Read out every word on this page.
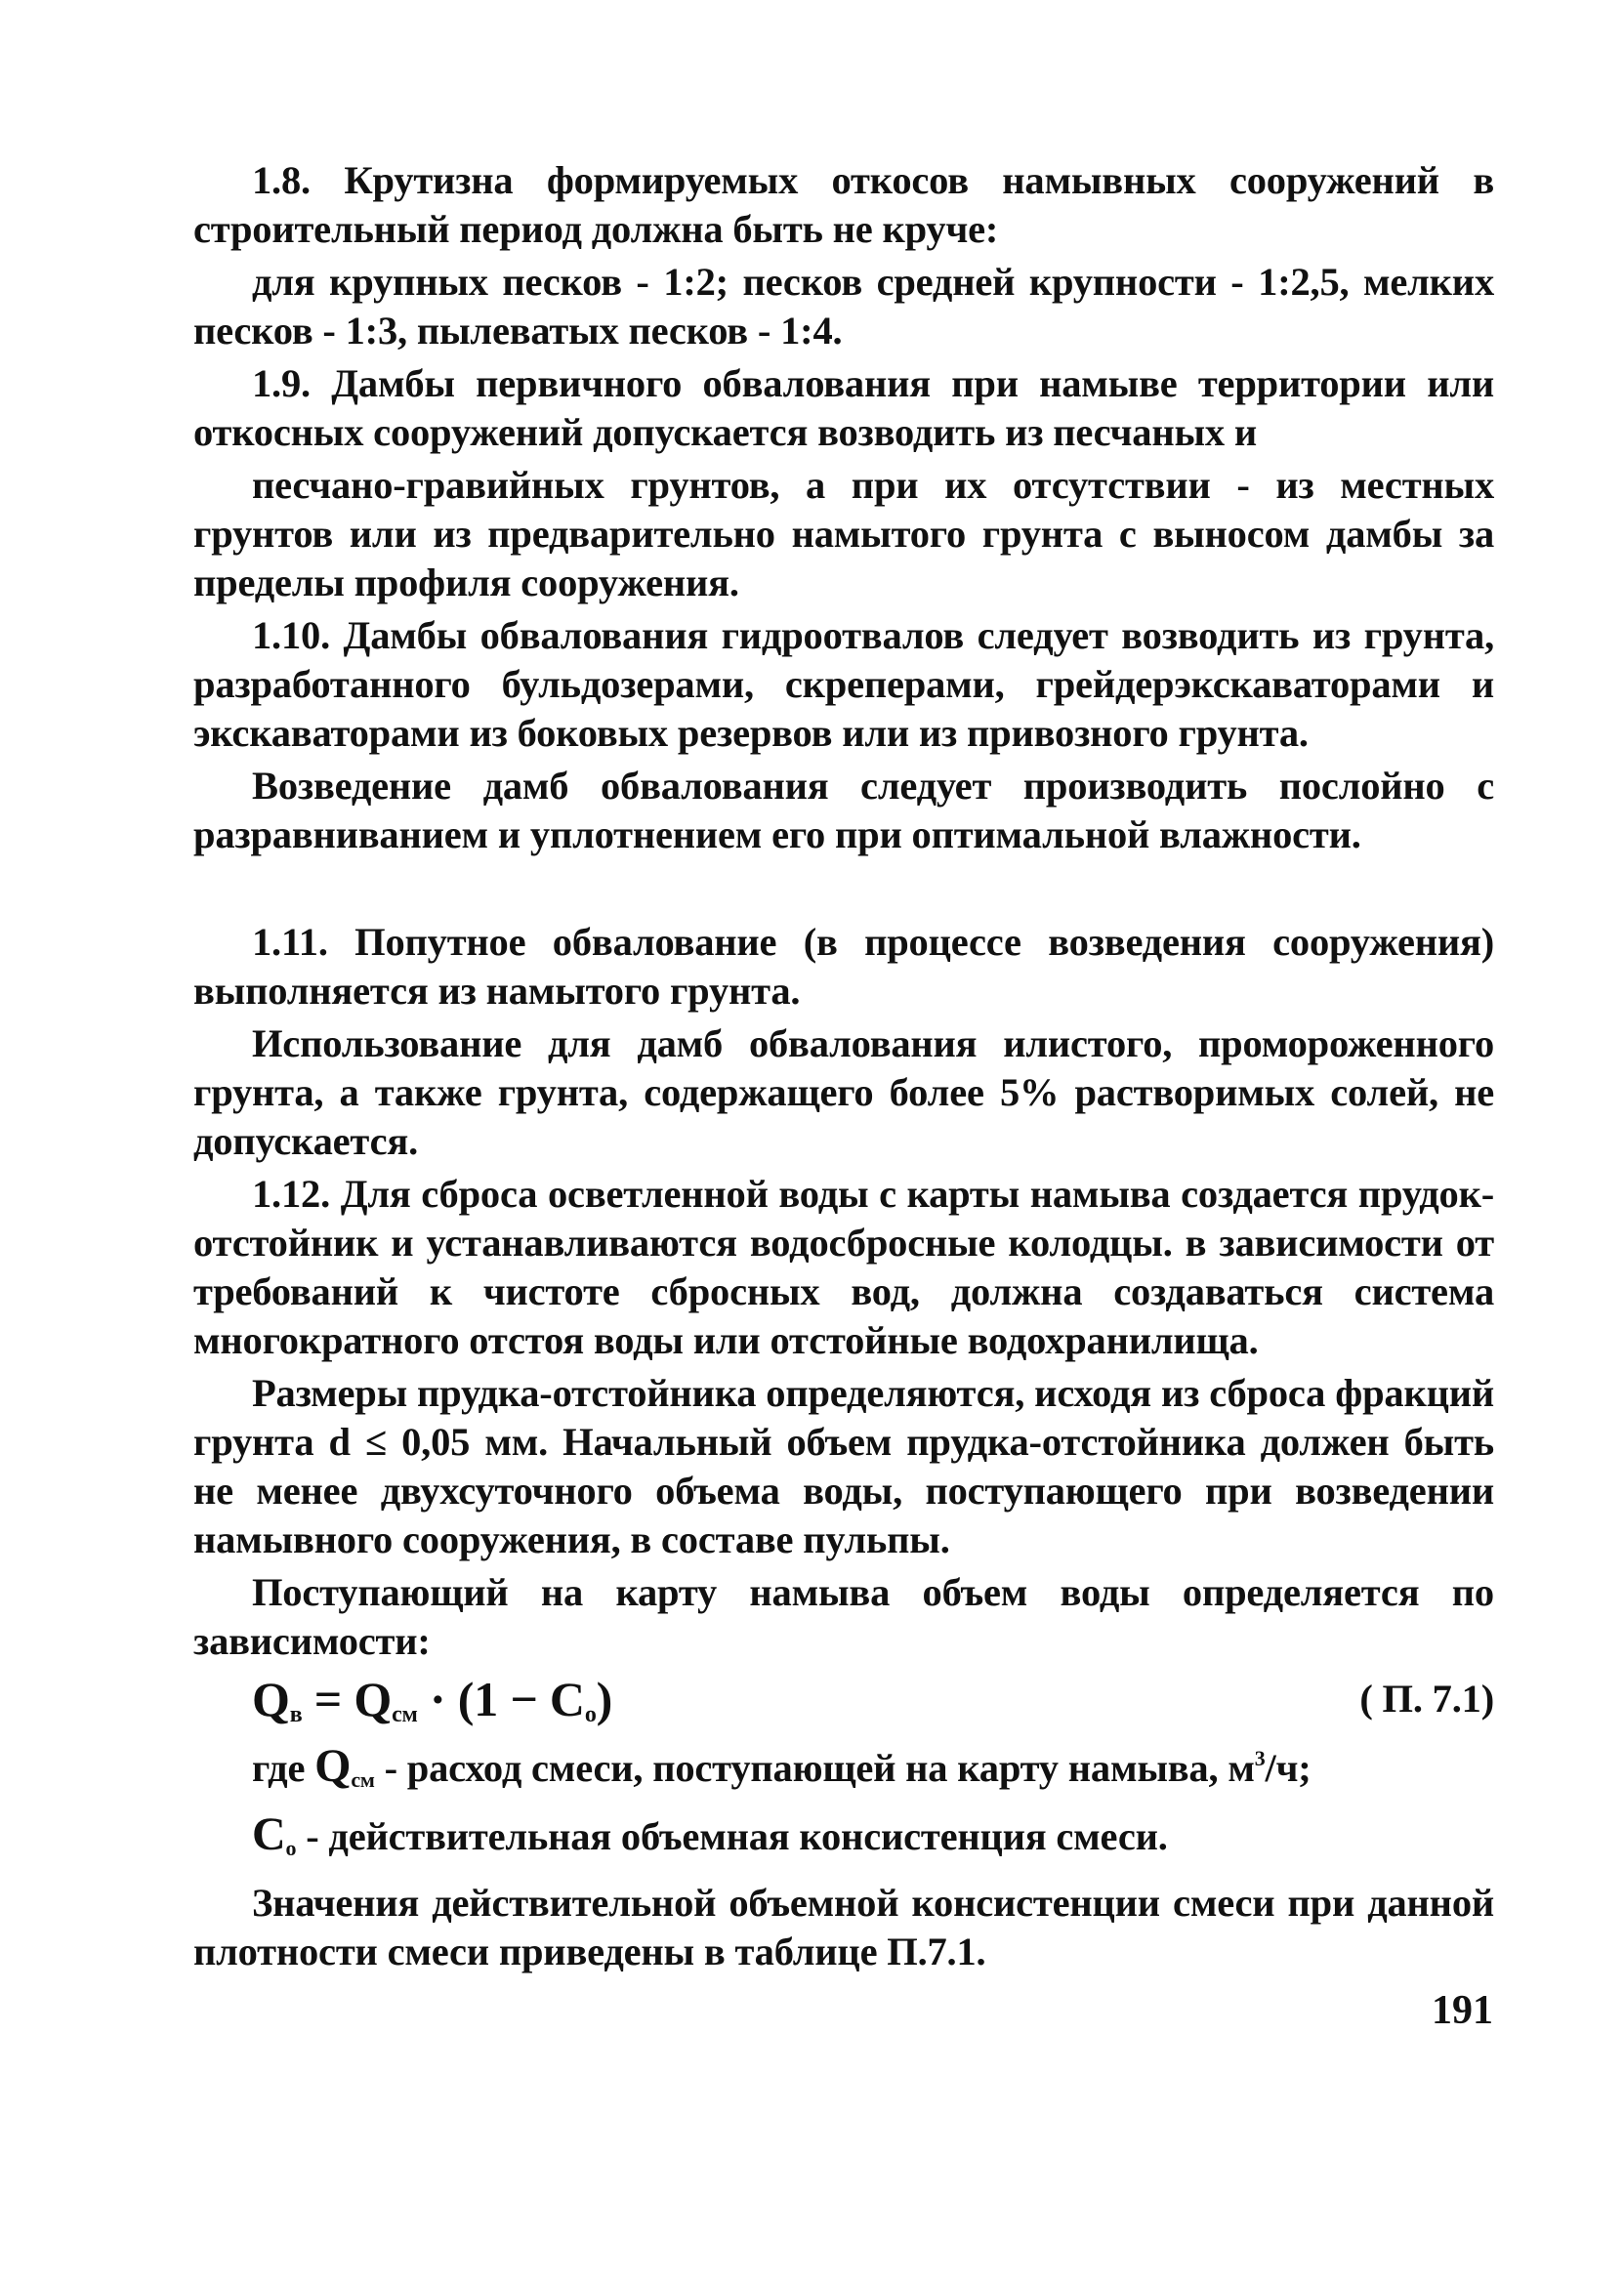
1.8. Крутизна формируемых откосов намывных сооружений в строительный период должна быть не круче:

для крупных песков - 1:2; песков средней крупности - 1:2,5, мелких песков - 1:3, пылеватых песков - 1:4.

1.9. Дамбы первичного обвалования при намыве территории или откосных сооружений допускается возводить из песчаных и

песчано-гравийных грунтов, а при их отсутствии - из местных грунтов или из предварительно намытого грунта с выносом дамбы за пределы профиля сооружения.

1.10. Дамбы обвалования гидроотвалов следует возводить из грунта, разработанного бульдозерами, скреперами, грейдерэкскаваторами и экскаваторами из боковых резервов или из привозного грунта.

Возведение дамб обвалования следует производить послойно с разравниванием и уплотнением его при оптимальной влажности.

1.11. Попутное обвалование (в процессе возведения сооружения) выполняется из намытого грунта.

Использование для дамб обвалования илистого, промороженного грунта, а также грунта, содержащего более 5% растворимых солей, не допускается.

1.12. Для сброса осветленной воды с карты намыва создается прудок-отстойник и устанавливаются водосбросные колодцы. в зависимости от требований к чистоте сбросных вод, должна создаваться система многократного отстоя воды или отстойные водохранилища.

Размеры прудка-отстойника определяются, исходя из сброса фракций грунта d ≤ 0,05 мм. Начальный объем прудка-отстойника должен быть не менее двухсуточного объема воды, поступающего при возведении намывного сооружения, в составе пульпы.

Поступающий на карту намыва объем воды определяется по зависимости:

$Q_в = Q_{см} \cdot (1 - C_о)$	( П. 7.1)
где $Q_{см}$ - расход смеси, поступающей на карту намыва, $м^3/ч$;
$C_о$ - действительная объемная консистенция смеси.

Значения действительной объемной консистенции смеси при данной плотности смеси приведены в таблице П.7.1.

191
